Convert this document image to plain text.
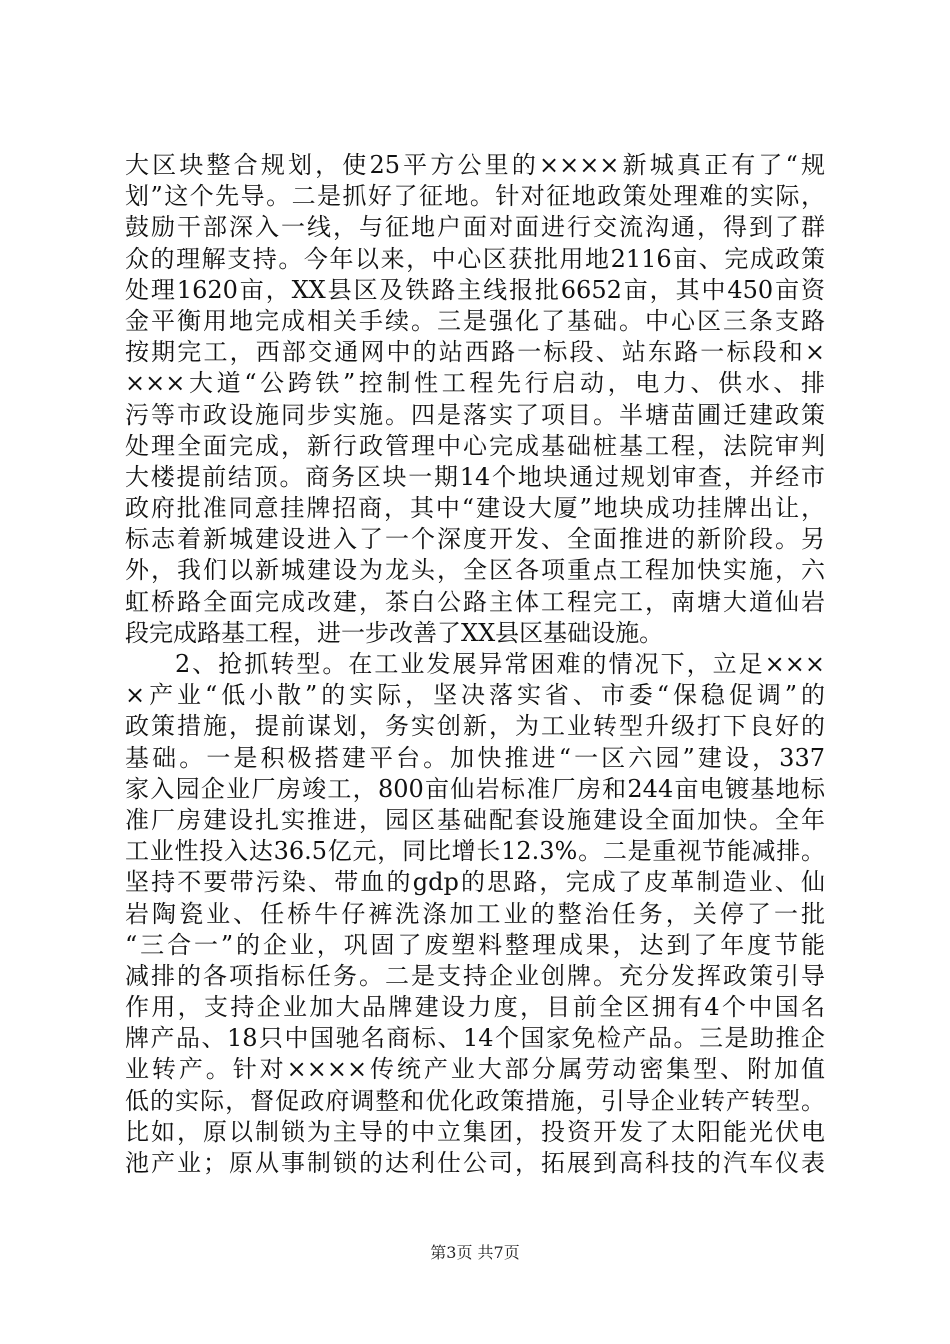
大区块整合规划，使25平方公里的××××新城真正有了“规
划”这个先导。二是抓好了征地。针对征地政策处理难的实际，
鼓励干部深入一线，与征地户面对面进行交流沟通，得到了群
众的理解支持。今年以来，中心区获批用地2116亩、完成政策
处理1620亩，XX县区及铁路主线报批6652亩，其中450亩资
金平衡用地完成相关手续。三是强化了基础。中心区三条支路
按期完工，西部交通网中的站西路一标段、站东路一标段和×
×××大道“公跨铁”控制性工程先行启动，电力、供水、排
污等市政设施同步实施。四是落实了项目。半塘苗圃迁建政策
处理全面完成，新行政管理中心完成基础桩基工程，法院审判
大楼提前结顶。商务区块一期14个地块通过规划审查，并经市
政府批准同意挂牌招商，其中“建设大厦”地块成功挂牌出让，
标志着新城建设进入了一个深度开发、全面推进的新阶段。另
外，我们以新城建设为龙头，全区各项重点工程加快实施，六
虹桥路全面完成改建，茶白公路主体工程完工，南塘大道仙岩
段完成路基工程，进一步改善了XX县区基础设施。
2、抢抓转型。在工业发展异常困难的情况下，立足×××
×产业“低小散”的实际，坚决落实省、市委“保稳促调”的
政策措施，提前谋划，务实创新，为工业转型升级打下良好的
基础。一是积极搭建平台。加快推进“一区六园”建设，337
家入园企业厂房竣工，800亩仙岩标准厂房和244亩电镀基地标
准厂房建设扎实推进，园区基础配套设施建设全面加快。全年
工业性投入达36.5亿元，同比增长12.3%。二是重视节能减排。
坚持不要带污染、带血的gdp的思路，完成了皮革制造业、仙
岩陶瓷业、任桥牛仔裤洗涤加工业的整治任务，关停了一批
“三合一”的企业，巩固了废塑料整理成果，达到了年度节能
减排的各项指标任务。二是支持企业创牌。充分发挥政策引导
作用，支持企业加大品牌建设力度，目前全区拥有4个中国名
牌产品、18只中国驰名商标、14个国家免检产品。三是助推企
业转产。针对××××传统产业大部分属劳动密集型、附加值
低的实际，督促政府调整和优化政策措施，引导企业转产转型。
比如，原以制锁为主导的中立集团，投资开发了太阳能光伏电
池产业；原从事制锁的达利仕公司，拓展到高科技的汽车仪表
第3页 共7页
